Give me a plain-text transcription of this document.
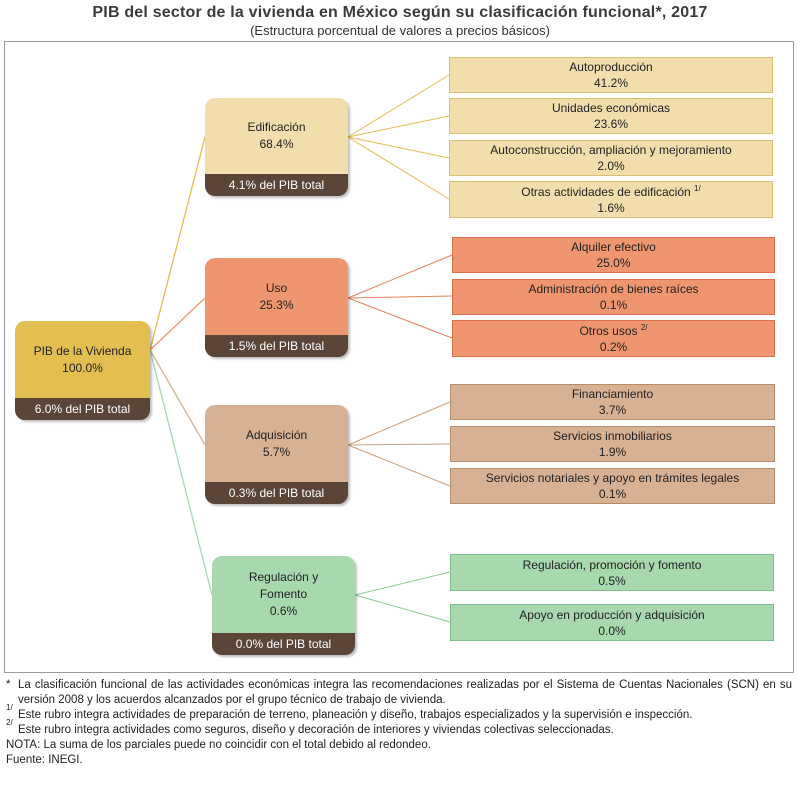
PIB del sector de la vivienda en México según su clasificación funcional*, 2017
(Estructura porcentual de valores a precios básicos)
PIB de la Vivienda
100.0%
6.0% del PIB total
Edificación
68.4%
4.1% del PIB total
Uso
25.3%
1.5% del PIB total
Adquisición
5.7%
0.3% del PIB total
Regulación y Fomento
0.6%
0.0% del PIB total
Autoproducción
41.2%
Unidades económicas
23.6%
Autoconstrucción, ampliación y mejoramiento
2.0%
Otras actividades de edificación $^{1/}$
1.6%
Alquiler efectivo
25.0%
Administración de bienes raíces
0.1%
Otros usos $^{2/}$
0.2%
Financiamiento
3.7%
Servicios inmobiliarios
1.9%
Servicios notariales y apoyo en trámites legales
0.1%
Regulación, promoción y fomento
0.5%
Apoyo en producción y adquisición
0.0%
* La clasificación funcional de las actividades económicas integra las recomendaciones realizadas por el Sistema de Cuentas Nacionales (SCN) en su versión 2008 y los acuerdos alcanzados por el grupo técnico de trabajo de vivienda.
1/
Este rubro integra actividades de preparación de terreno, planeación y diseño, trabajos especializados y la supervisión e inspección.
2/
Este rubro integra actividades como seguros, diseño y decoración de interiores y viviendas colectivas seleccionadas.
NOTA: La suma de los parciales puede no coincidir con el total debido al redondeo.
Fuente: INEGI.
